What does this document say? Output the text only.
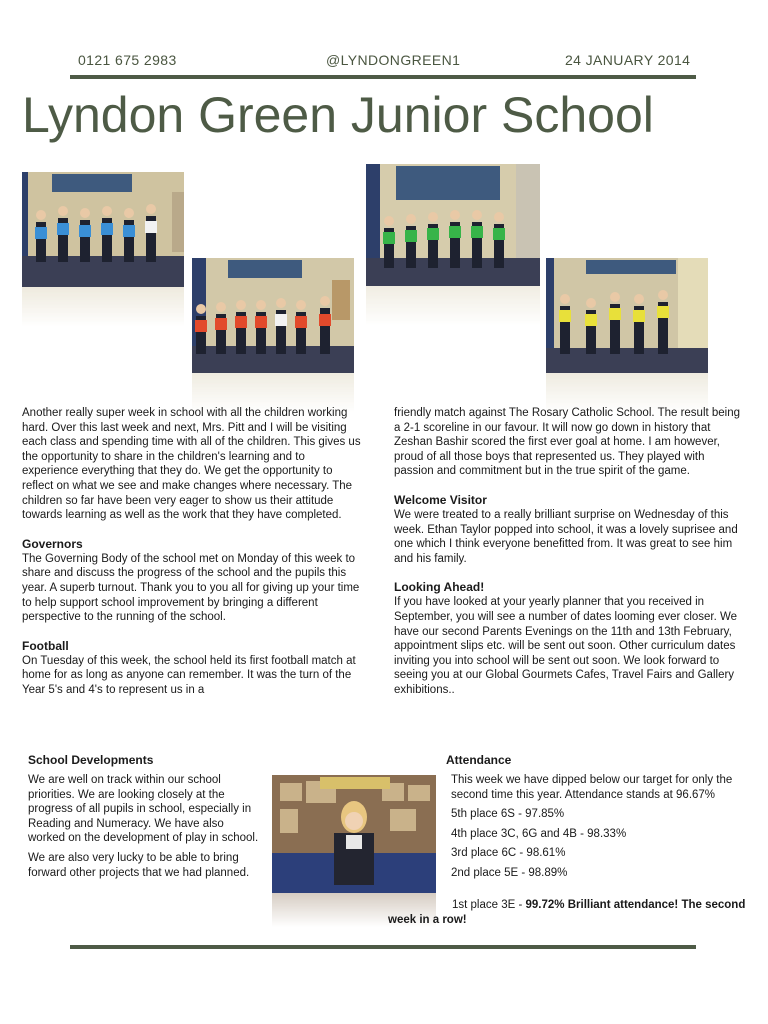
0121 675 2983	@LYNDONGREEN1	24 JANUARY 2014
Lyndon Green Junior School

Another really super week in school with all the children working hard. Over this last week and next, Mrs. Pitt and I will be visiting each class and spending time with all of the children. This gives us the opportunity to share in the children's learning and to experience everything that they do. We get the opportunity to reflect on what we see and make changes where necessary. The children so far have been very eager to show us their attitude towards learning as well as the work that they have completed.

Governors

The Governing Body of the school met on Monday of this week to share and discuss the progress of the school and the pupils this year. A superb turnout. Thank you to you all for giving up your time to help support school improvement by bringing a different perspective to the running of the school.

Football

On Tuesday of this week, the school held its first football match at home for as long as anyone can remember. It was the turn of the Year 5's and 4's to represent us in a

friendly match against The Rosary Catholic School. The result being a 2-1 scoreline in our favour. It will now go down in history that Zeshan Bashir scored the first ever goal at home. I am however, proud of all those boys that represented us. They played with passion and commitment but in the true spirit of the game.

Welcome Visitor

We were treated to a really brilliant surprise on Wednesday of this week. Ethan Taylor popped into school, it was a lovely suprisee and one which I think everyone benefitted from. It was great to see him and his family.

Looking Ahead!

If you have looked at your yearly planner that you received in September, you will see a number of dates looming ever closer. We have our second Parents Evenings on the 11th and 13th February, appointment slips etc. will be sent out soon. Other curriculum dates inviting you into school will be sent out soon. We look forward to seeing you at our Global Gourmets Cafes, Travel Fairs and Gallery exhibitions..

School Developments

We are well on track within our school priorities. We are looking closely at the progress of all pupils in school, especially in Reading and Numeracy. We have also worked on the development of play in school.

We are also very lucky to be able to bring forward other projects that we had planned.

Attendance

This week we have dipped below our target for only the second time this year. Attendance stands at 96.67%

5th place 6S - 97.85%

4th place 3C, 6G and 4B - 98.33%

3rd place 6C - 98.61%

2nd place 5E - 98.89%

1st place 3E - 99.72% Brilliant attendance! The second week in a row!
